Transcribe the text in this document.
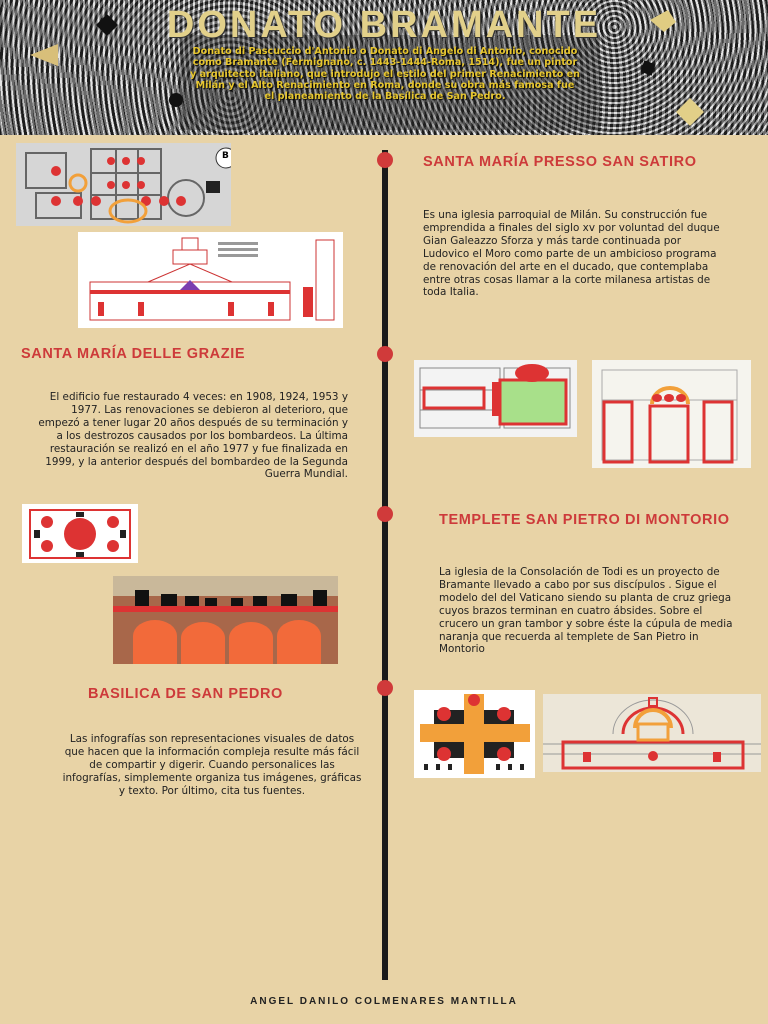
DONATO BRAMANTE
Donato di Pascuccio d'Antonio o Donato di Angelo di Antonio, conocido como Bramante (Fermignano, c. 1443-1444-Roma, 1514), fue un pintor y arquitecto italiano, que introdujo el estilo del primer Renacimiento en Milán y el Alto Renacimiento en Roma, donde su obra más famosa fue el planeamiento de la Basílica de San Pedro.
SANTA MARÍA PRESSO SAN SATIRO
Es una iglesia parroquial de Milán. Su construcción fue emprendida a finales del siglo xv por voluntad del duque Gian Galeazzo Sforza y más tarde continuada por Ludovico el Moro como parte de un ambicioso programa de renovación del arte en el ducado, que contemplaba entre otras cosas llamar a la corte milanesa artistas de toda Italia.
B
SANTA MARÍA DELLE GRAZIE
El edificio fue restaurado 4 veces: en 1908, 1924, 1953 y 1977. Las renovaciones se debieron al deterioro, que empezó a tener lugar 20 años después de su terminación y a los destrozos causados por los bombardeos. La última restauración se realizó en el año 1977 y fue finalizada en 1999, y la anterior después del bombardeo de la Segunda Guerra Mundial.
TEMPLETE SAN PIETRO DI MONTORIO
La iglesia de la Consolación de Todi es un proyecto de Bramante llevado a cabo por sus discípulos . Sigue el modelo del del Vaticano siendo su planta de cruz griega cuyos brazos terminan en cuatro ábsides. Sobre el crucero un gran tambor y sobre éste la cúpula de media naranja que recuerda al templete de San Pietro in Montorio
BASILICA DE SAN PEDRO
Las infografías son representaciones visuales de datos que hacen que la información compleja resulte más fácil de compartir y digerir. Cuando personalices las infografías, simplemente organiza tus imágenes, gráficas y texto. Por último, cita tus fuentes.
ANGEL DANILO COLMENARES MANTILLA
